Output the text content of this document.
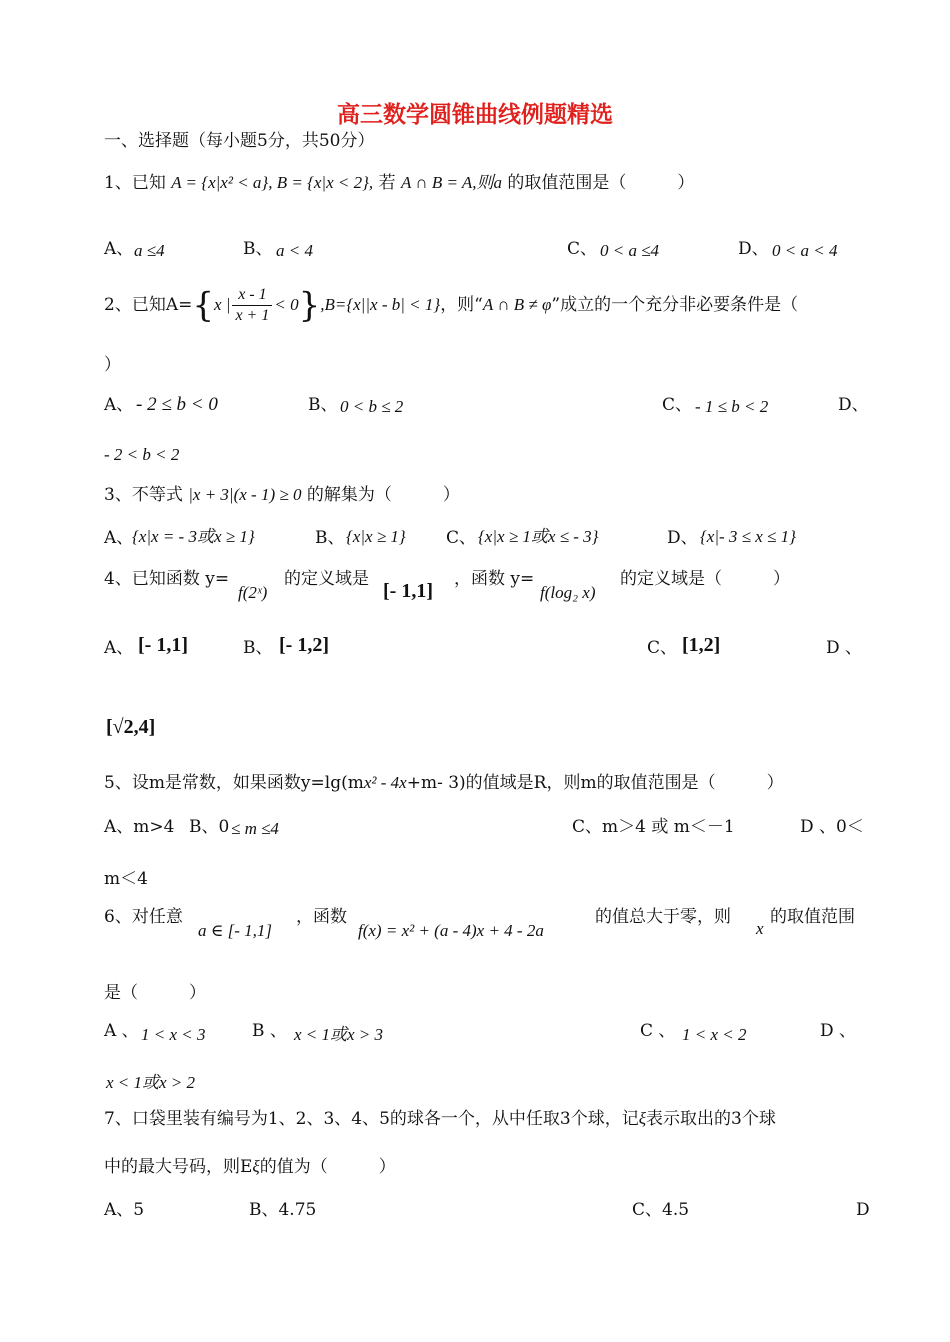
高三数学圆锥曲线例题精选
一、选择题（每小题5分，共50分）
1、已知 A = {x|x² < a}, B = {x|x < 2}, 若 A ∩ B = A,则a 的取值范围是（　　　）
A、 a ≤4	B、 a < 4	C、 0 < a ≤4	D、 0 < a < 4
2、已知A={x | $\frac{x - 1}{x + 1} < 0\},B=\{x||x - b| < 1\}$，则“A ∩ B ≠ φ”成立的一个充分非必要条件是（
）
A、 - 2 ≤ b < 0	B、 0 < b ≤ 2	C、 - 1 ≤ b < 2	D、
- 2 < b < 2
3、不等式 |x + 3|(x - 1) ≥ 0 的解集为（　　　）
A、
{x|x = - 3或x ≥ 1}	B、 {x|x ≥ 1} C、 {x|x ≥ 1或x ≤ - 3}	D、 {x|- 3 ≤ x ≤ 1}
4、已知函数 y=
f(2ˣ)
的定义域是
[- 1,1]
，函数 y=
f(log₂ x)
的定义域是（　　　）
A、 [- 1,1]	B、 [- 1,2]	C、 [1,2]	D 、
[√2,4]
5、设m是常数，如果函数y=lg(mx² - 4x+m- 3)的值域是R，则m的取值范围是（　　　）
A、m>4 B、0 ≤ m ≤4	C、m＞4 或 m＜－1	D 、0＜
m＜4
6、对任意
a ∈ [- 1,1]
，函数
f(x) = x² + (a - 4)x + 4 - 2a
的值总大于零，则
x
的取值范围
是（　　　）
A 、 1 < x < 3	B 、 x < 1或x > 3	C 、 1 < x < 2	D 、
x < 1或x > 2
7、口袋里装有编号为1、2、3、4、5的球各一个，从中任取3个球，记ξ表示取出的3个球
中的最大号码，则Eξ的值为（　　　）
A、5	B、4.75	C、4.5	D
